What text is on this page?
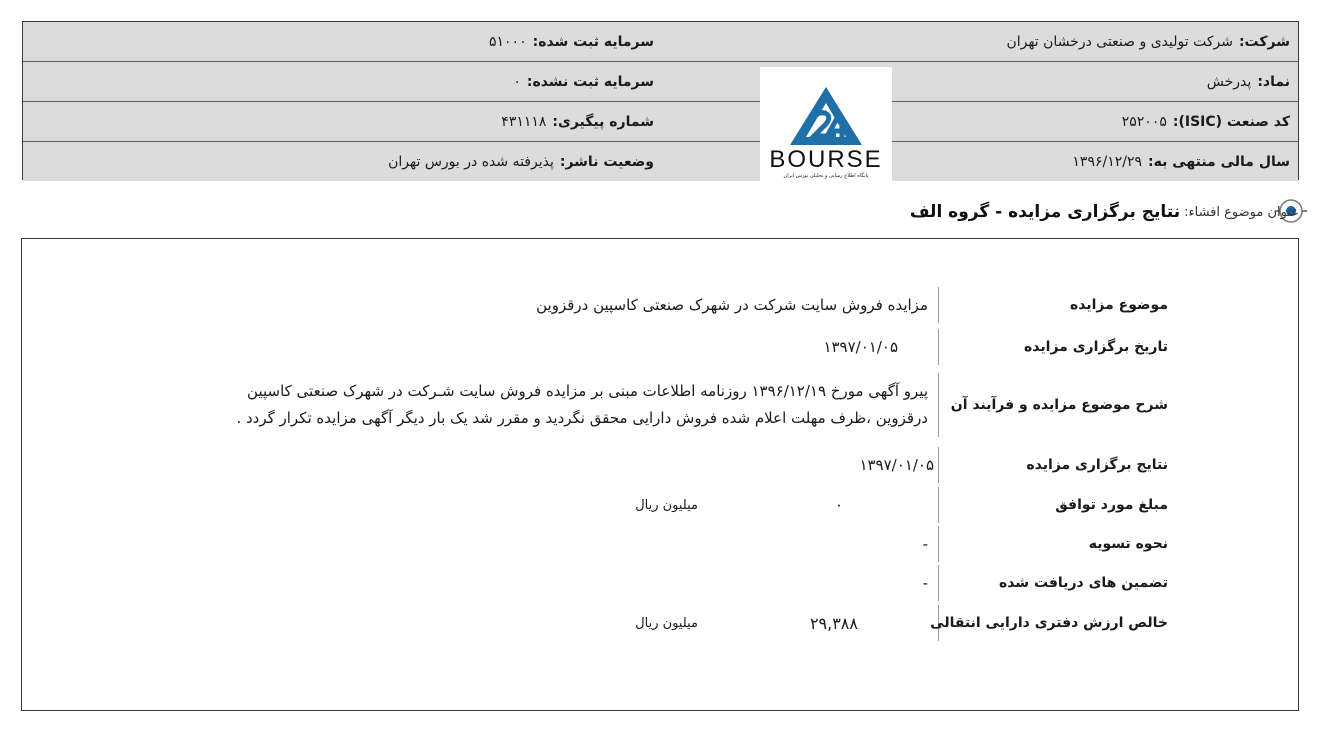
شرکت:
شرکت تولیدی و صنعتی درخشان تهران
سرمایه ثبت شده:
۵۱۰۰۰
نماد:
پدرخش
سرمایه ثبت نشده:
۰
کد صنعت (ISIC):
۲۵۲۰۰۵
شماره پیگیری:
۴۳۱۱۱۸
سال مالی منتهی به:
۱۳۹۶/۱۲/۲۹
وضعیت ناشر:
پذیرفته شده در بورس تهران	BOURSE
پایگاه اطلاع رسانی و تحلیلی بورس ایران
عنوان موضوع افشاء:
نتایج برگزاری مزایده - گروه الف
موضوع مزایده
مزایده فروش سایت شرکت در شهرک صنعتی کاسپین درقزوین
تاریخ برگزاری مزایده
۱۳۹۷/۰۱/۰۵
شرح موضوع مزایده و فرآیند آن
پیرو آگهی مورخ ۱۳۹۶/۱۲/۱۹ روزنامه اطلاعات مبنی بر مزایده فروش سایت شـرکت در شهرک صنعتی کاسپین
درقزوین ،ظرف مهلت اعلام شده فروش دارایی محقق نگردید و مقرر شد یک بار دیگر آگهی مزایده تکرار گردد .
نتایج برگزاری مزایده
۱۳۹۷/۰۱/۰۵
مبلغ مورد توافق
۰
میلیون ریال
نحوه تسویه
-
تضمین های دریافت شده
-
خالص ارزش دفتری دارایی انتقالی
۲۹,۳۸۸
میلیون ریال
